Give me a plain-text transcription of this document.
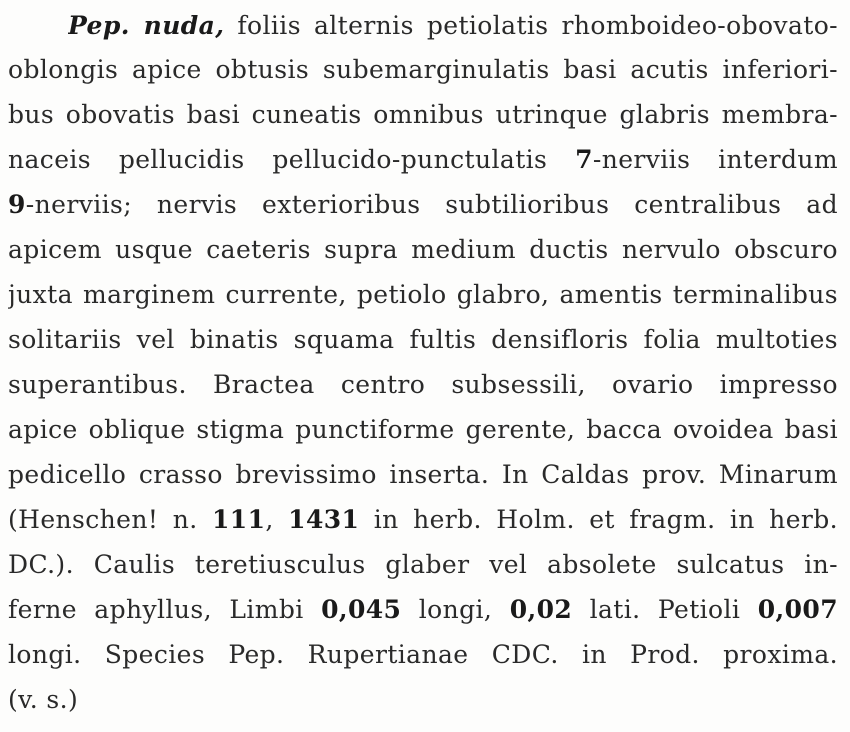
Pep. nuda, foliis alternis petiolatis rhomboideo-obovato-
oblongis apice obtusis subemarginulatis basi acutis inferiori-
bus obovatis basi cuneatis omnibus utrinque glabris membra-
naceis pellucidis pellucido-punctulatis 7-nerviis interdum
9-nerviis; nervis exterioribus subtilioribus centralibus ad
apicem usque caeteris supra medium ductis nervulo obscuro
juxta marginem currente, petiolo glabro, amentis terminalibus
solitariis vel binatis squama fultis densifloris folia multoties
superantibus. Bractea centro subsessili, ovario impresso
apice oblique stigma punctiforme gerente, bacca ovoidea basi
pedicello crasso brevissimo inserta. In Caldas prov. Minarum
(Henschen! n. 111, 1431 in herb. Holm. et fragm. in herb.
DC.). Caulis teretiusculus glaber vel absolete sulcatus in-
ferne aphyllus, Limbi 0,045 longi, 0,02 lati. Petioli 0,007
longi. Species Pep. Rupertianae CDC. in Prod. proxima.
(v. s.)
